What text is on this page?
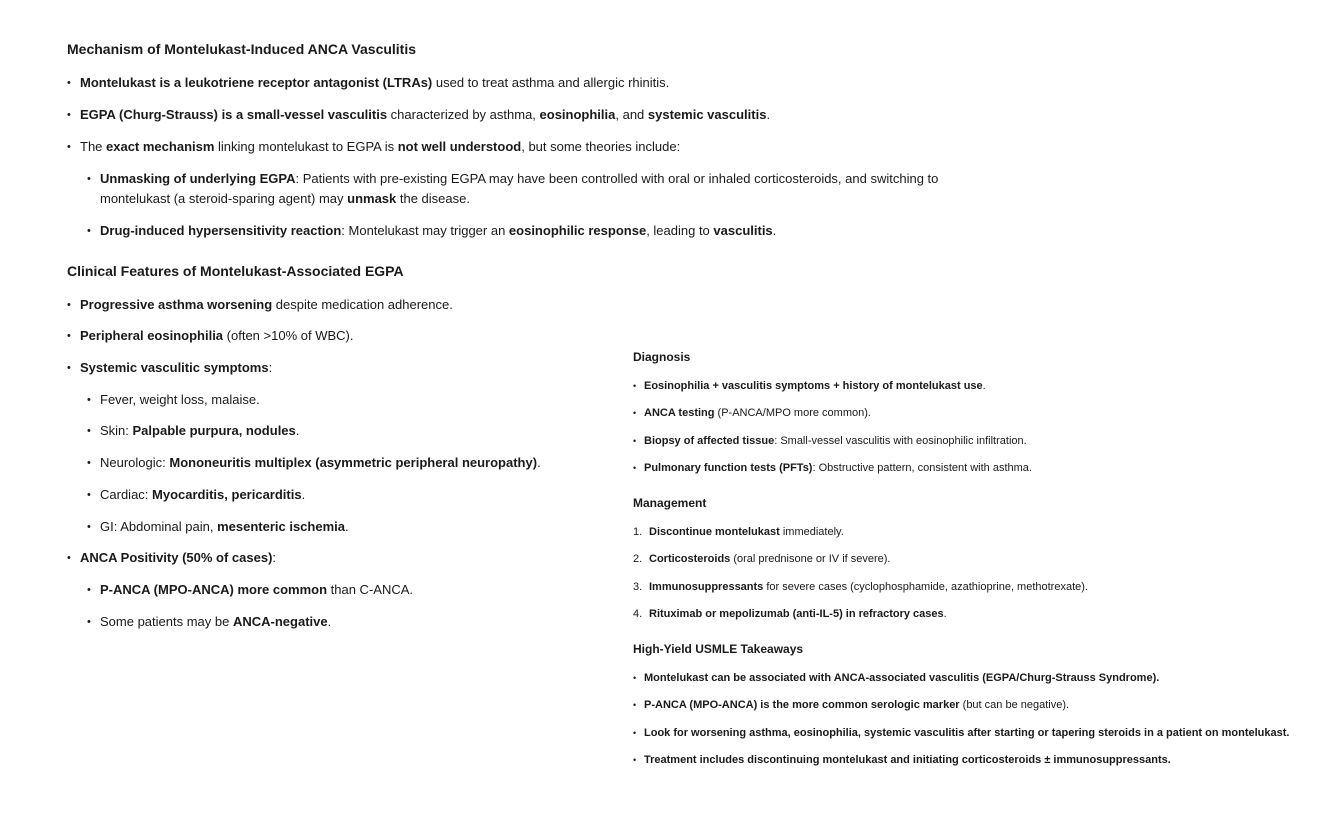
Mechanism of Montelukast-Induced ANCA Vasculitis
• Montelukast is a leukotriene receptor antagonist (LTRAs) used to treat asthma and allergic rhinitis.
• EGPA (Churg-Strauss) is a small-vessel vasculitis characterized by asthma, eosinophilia, and systemic vasculitis.
• The exact mechanism linking montelukast to EGPA is not well understood, but some theories include:
• Unmasking of underlying EGPA: Patients with pre-existing EGPA may have been controlled with oral or inhaled corticosteroids, and switching to montelukast (a steroid-sparing agent) may unmask the disease.
• Drug-induced hypersensitivity reaction: Montelukast may trigger an eosinophilic response, leading to vasculitis.
Clinical Features of Montelukast-Associated EGPA
• Progressive asthma worsening despite medication adherence.
• Peripheral eosinophilia (often >10% of WBC).
• Systemic vasculitic symptoms:
• Fever, weight loss, malaise.
• Skin: Palpable purpura, nodules.
• Neurologic: Mononeuritis multiplex (asymmetric peripheral neuropathy).
• Cardiac: Myocarditis, pericarditis.
• GI: Abdominal pain, mesenteric ischemia.
• ANCA Positivity (50% of cases):
• P-ANCA (MPO-ANCA) more common than C-ANCA.
• Some patients may be ANCA-negative.
Diagnosis
• Eosinophilia + vasculitis symptoms + history of montelukast use.
• ANCA testing (P-ANCA/MPO more common).
• Biopsy of affected tissue: Small-vessel vasculitis with eosinophilic infiltration.
• Pulmonary function tests (PFTs): Obstructive pattern, consistent with asthma.
Management
1. Discontinue montelukast immediately.
2. Corticosteroids (oral prednisone or IV if severe).
3. Immunosuppressants for severe cases (cyclophosphamide, azathioprine, methotrexate).
4. Rituximab or mepolizumab (anti-IL-5) in refractory cases.
High-Yield USMLE Takeaways
• Montelukast can be associated with ANCA-associated vasculitis (EGPA/Churg-Strauss Syndrome).
• P-ANCA (MPO-ANCA) is the more common serologic marker (but can be negative).
• Look for worsening asthma, eosinophilia, systemic vasculitis after starting or tapering steroids in a patient on montelukast.
• Treatment includes discontinuing montelukast and initiating corticosteroids ± immunosuppressants.
